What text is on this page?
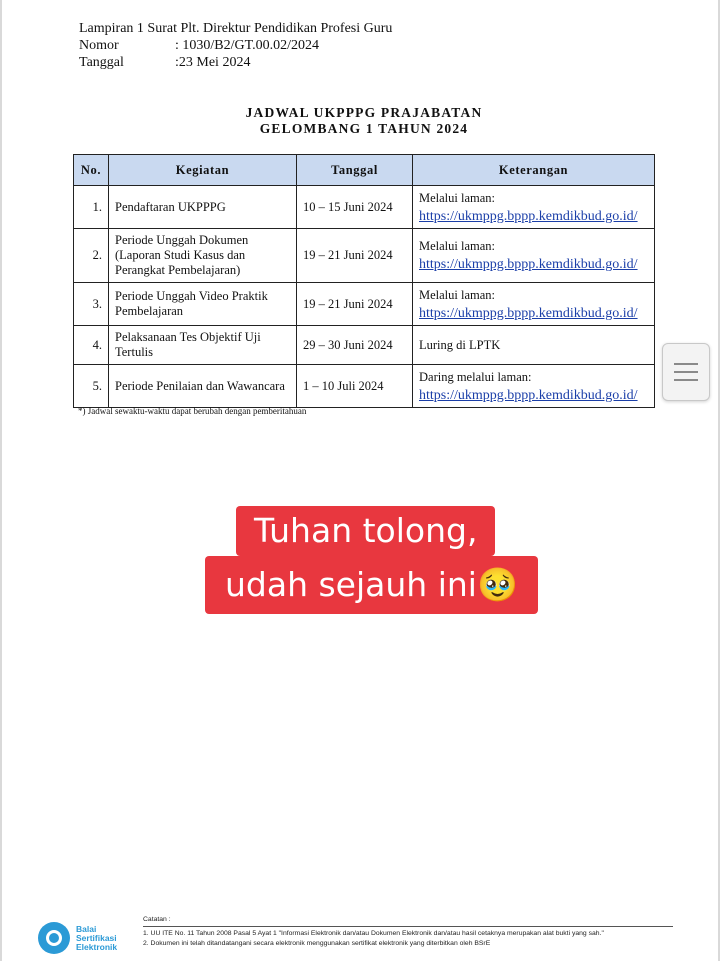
Lampiran 1 Surat Plt. Direktur Pendidikan Profesi Guru
Nomor	: 1030/B2/GT.00.02/2024
Tanggal	:23 Mei 2024
JADWAL UKPPPG PRAJABATAN
GELOMBANG 1 TAHUN 2024
No.	Kegiatan	Tanggal	Keterangan
1.	Pendaftaran UKPPPG	10 – 15 Juni 2024	Melalui laman:
https://ukmppg.bppp.kemdikbud.go.id/

2.	Periode Unggah Dokumen (Laporan Studi Kasus dan Perangkat Pembelajaran)	19 – 21 Juni 2024	Melalui laman:
https://ukmppg.bppp.kemdikbud.go.id/

3.	Periode Unggah Video Praktik Pembelajaran	19 – 21 Juni 2024	Melalui laman:
https://ukmppg.bppp.kemdikbud.go.id/

4.	Pelaksanaan Tes Objektif Uji Tertulis	29 – 30 Juni 2024	Luring di LPTK

5.	Periode Penilaian dan Wawancara	1 – 10 Juli 2024	Daring melalui laman:
https://ukmppg.bppp.kemdikbud.go.id/
*) Jadwal sewaktu-waktu dapat berubah dengan pemberitahuan
Tuhan tolong,
udah sejauh ini🥹
Balai
Sertifikasi
Elektronik
Catatan :
1. UU ITE No. 11 Tahun 2008 Pasal 5 Ayat 1 "Informasi Elektronik dan/atau Dokumen Elektronik dan/atau hasil cetaknya merupakan alat bukti yang sah."
2. Dokumen ini telah ditandatangani secara elektronik menggunakan sertifikat elektronik yang diterbitkan oleh BSrE
